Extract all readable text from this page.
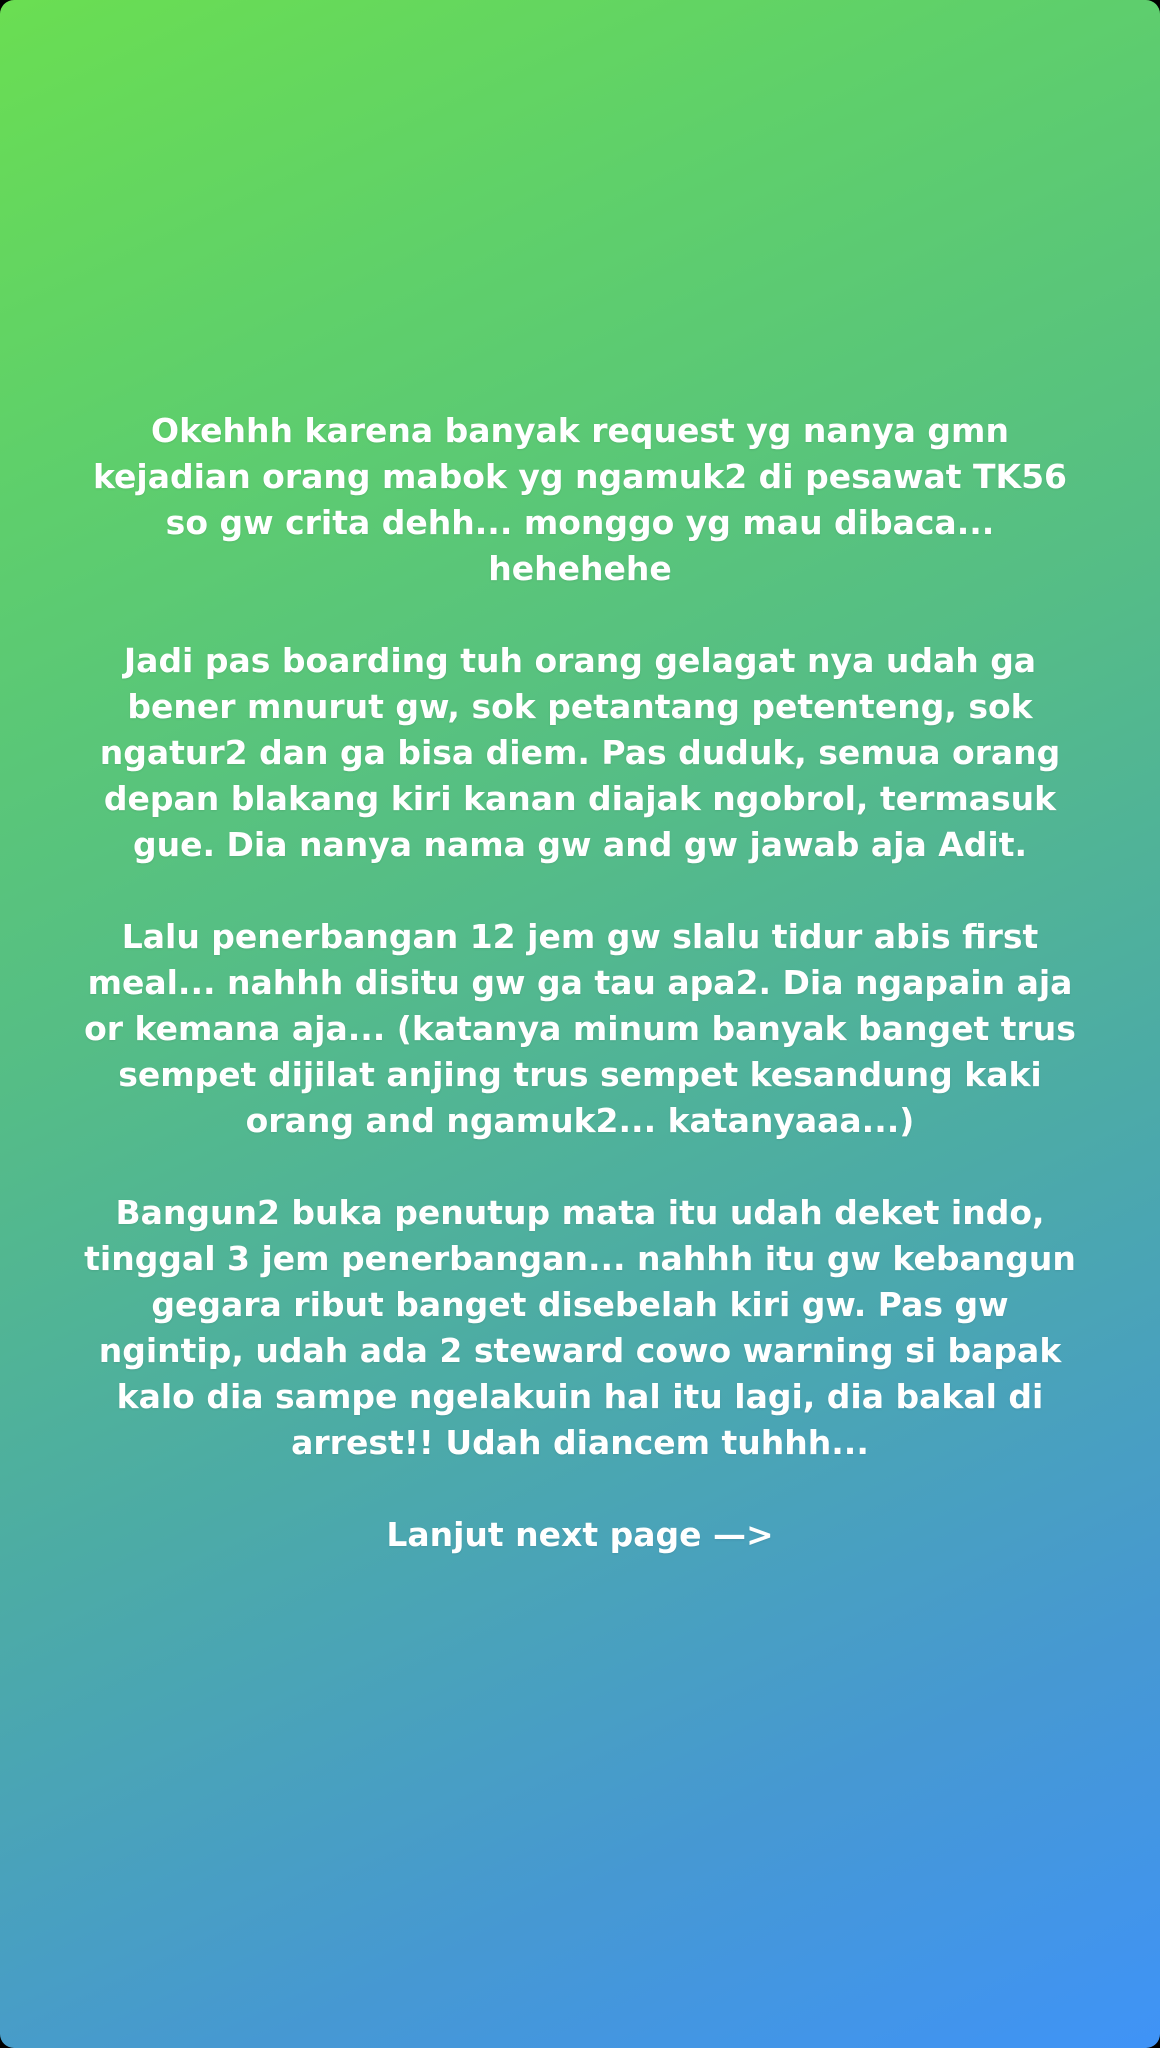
Okehhh karena banyak request yg nanya gmn
kejadian orang mabok yg ngamuk2 di pesawat TK56
so gw crita dehh... monggo yg mau dibaca...
hehehehe

Jadi pas boarding tuh orang gelagat nya udah ga
bener mnurut gw, sok petantang petenteng, sok
ngatur2 dan ga bisa diem. Pas duduk, semua orang
depan blakang kiri kanan diajak ngobrol, termasuk
gue. Dia nanya nama gw and gw jawab aja Adit.

Lalu penerbangan 12 jem gw slalu tidur abis first
meal... nahhh disitu gw ga tau apa2. Dia ngapain aja
or kemana aja... (katanya minum banyak banget trus
sempet dijilat anjing trus sempet kesandung kaki
orang and ngamuk2... katanyaaa...)

Bangun2 buka penutup mata itu udah deket indo,
tinggal 3 jem penerbangan... nahhh itu gw kebangun
gegara ribut banget disebelah kiri gw. Pas gw
ngintip, udah ada 2 steward cowo warning si bapak
kalo dia sampe ngelakuin hal itu lagi, dia bakal di
arrest!! Udah diancem tuhhh...

Lanjut next page —>
